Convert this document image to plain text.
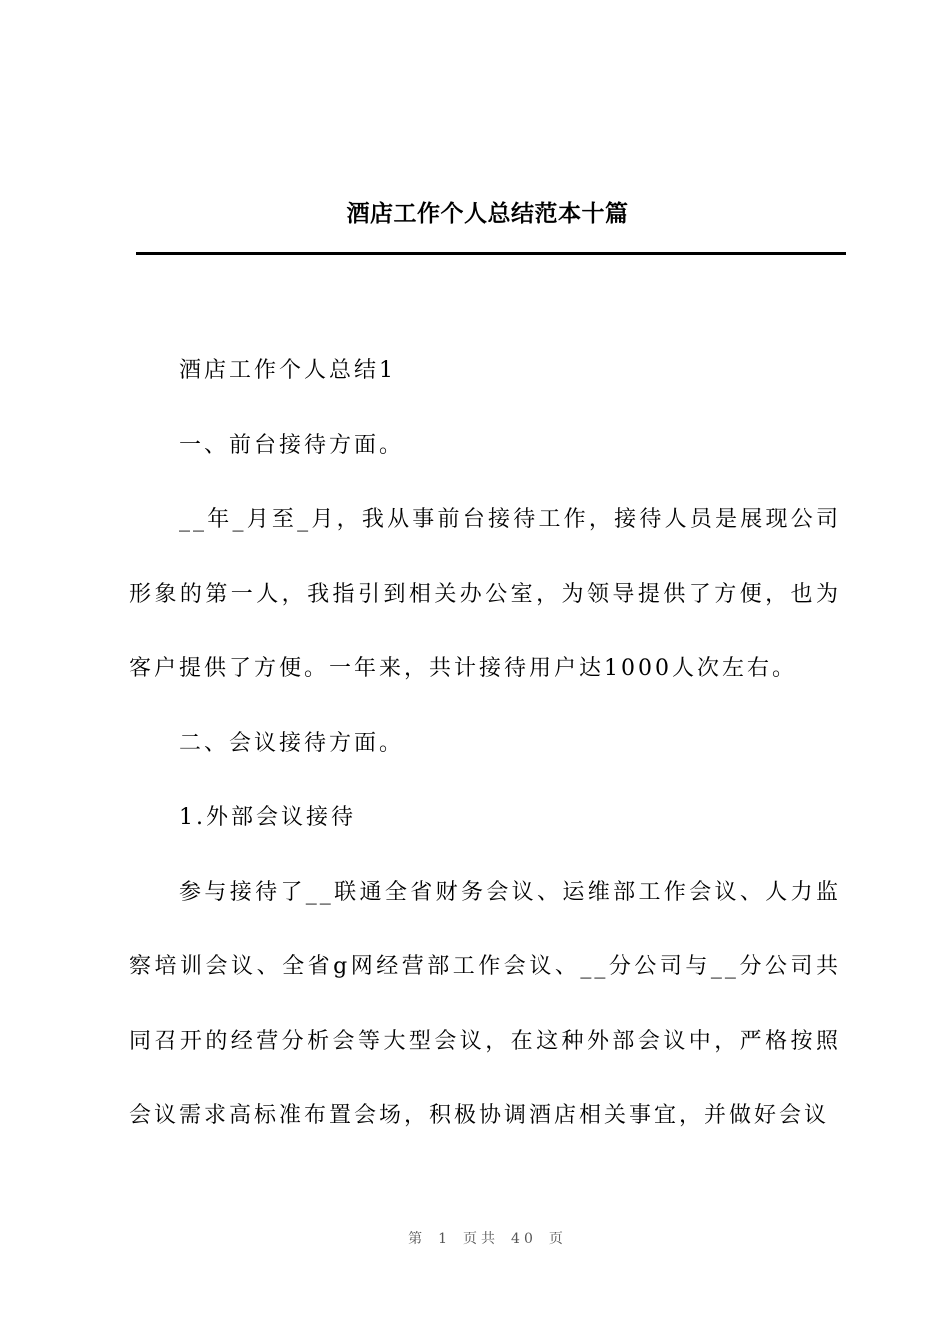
酒店工作个人总结范本十篇

酒店工作个人总结1

一、前台接待方面。

__年_月至_月，我从事前台接待工作，接待人员是展现公司形象的第一人，我指引到相关办公室，为领导提供了方便，也为客户提供了方便。一年来，共计接待用户达1000人次左右。

二、会议接待方面。

1.外部会议接待

参与接待了__联通全省财务会议、运维部工作会议、人力监察培训会议、全省g网经营部工作会议、__分公司与__分公司共同召开的经营分析会等大型会议，在这种外部会议中，严格按照会议需求高标准布置会场，积极协调酒店相关事宜，并做好会议

第 1 页共 40 页
